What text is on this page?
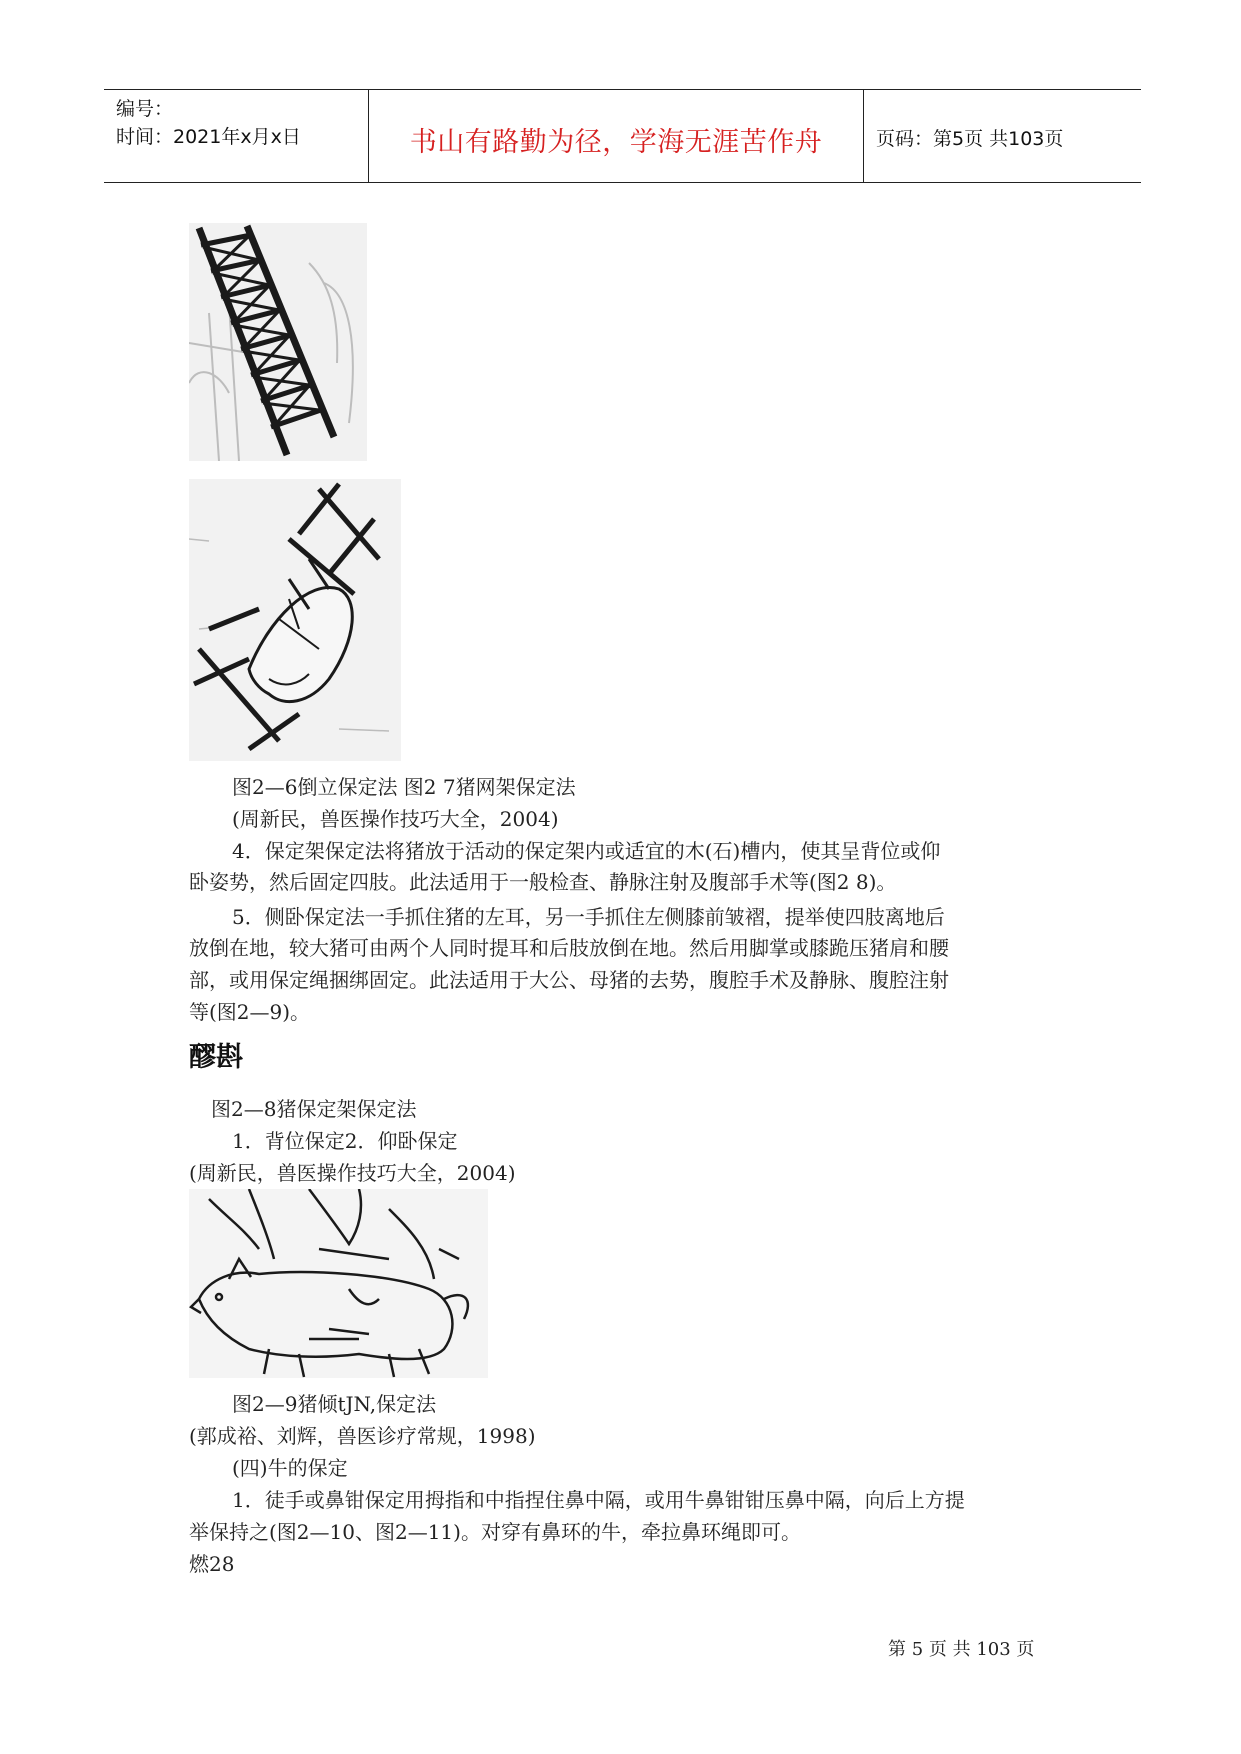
编号：
时间：2021年x月x日	书山有路勤为径，学海无涯苦作舟	页码：第5页 共103页
图2—6倒立保定法 图2 7猪网架保定法
(周新民，兽医操作技巧大全，2004)
4．保定架保定法将猪放于活动的保定架内或适宜的木(石)槽内，使其呈背位或仰
卧姿势，然后固定四肢。此法适用于一般检查、静脉注射及腹部手术等(图2 8)。
5．侧卧保定法一手抓住猪的左耳，另一手抓住左侧膝前皱褶，提举使四肢离地后
放倒在地，较大猪可由两个人同时提耳和后肢放倒在地。然后用脚掌或膝跪压猪肩和腰
部，或用保定绳捆绑固定。此法适用于大公、母猪的去势，腹腔手术及静脉、腹腔注射
等(图2—9)。
醪斟
图2—8猪保定架保定法
1．背位保定2．仰卧保定
(周新民，兽医操作技巧大全，2004)
图2—9猪倾tJN,保定法
(郭成裕、刘辉，兽医诊疗常规，1998)
(四)牛的保定
1．徒手或鼻钳保定用拇指和中指捏住鼻中隔，或用牛鼻钳钳压鼻中隔，向后上方提
举保持之(图2—10、图2—11)。对穿有鼻环的牛，牵拉鼻环绳即可。
燃28
第 5 页 共 103 页
